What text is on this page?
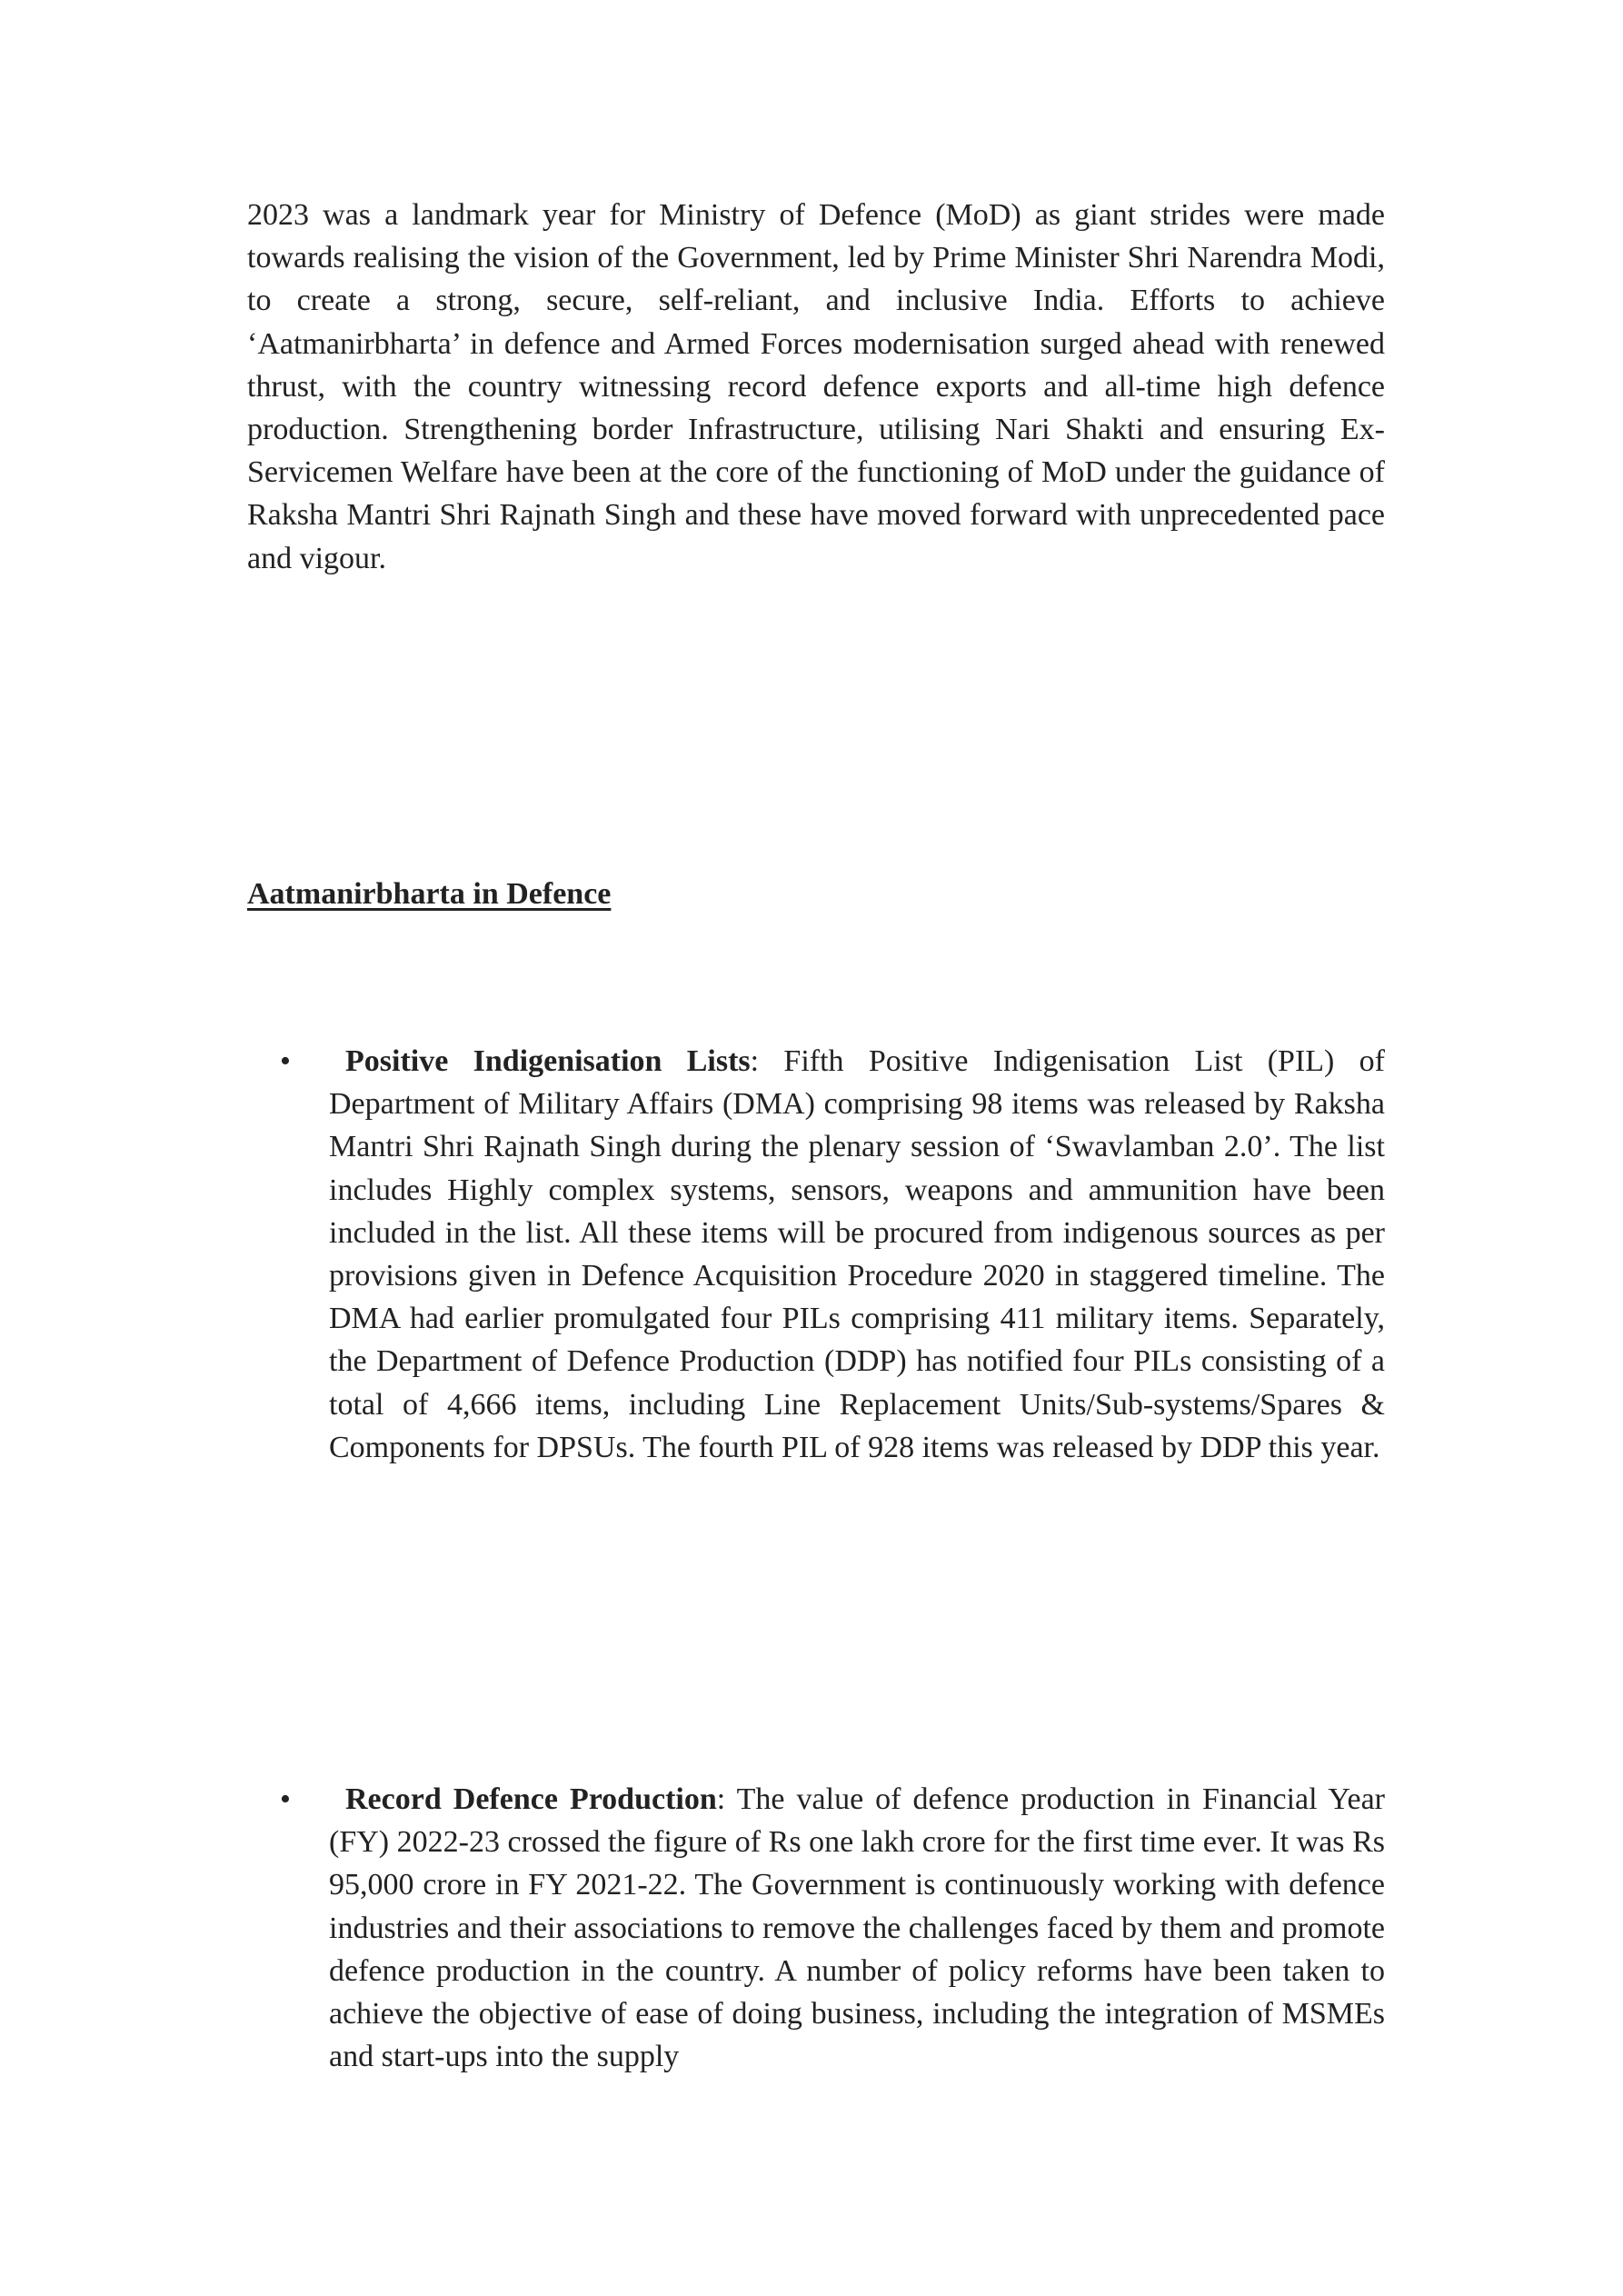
2023 was a landmark year for Ministry of Defence (MoD) as giant strides were made towards realising the vision of the Government, led by Prime Minister Shri Narendra Modi, to create a strong, secure, self-reliant, and inclusive India. Efforts to achieve ‘Aatmanirbharta’ in defence and Armed Forces modernisation surged ahead with renewed thrust, with the country witnessing record defence exports and all-time high defence production. Strengthening border Infrastructure, utilising Nari Shakti and ensuring Ex-Servicemen Welfare have been at the core of the functioning of MoD under the guidance of Raksha Mantri Shri Rajnath Singh and these have moved forward with unprecedented pace and vigour.

Aatmanirbharta in Defence
•	Positive Indigenisation Lists: Fifth Positive Indigenisation List (PIL) of Department of Military Affairs (DMA) comprising 98 items was released by Raksha Mantri Shri Rajnath Singh during the plenary session of ‘Swavlamban 2.0’. The list includes Highly complex systems, sensors, weapons and ammunition have been included in the list. All these items will be procured from indigenous sources as per provisions given in Defence Acquisition Procedure 2020 in staggered timeline. The DMA had earlier promulgated four PILs comprising 411 military items. Separately, the Department of Defence Production (DDP) has notified four PILs consisting of a total of 4,666 items, including Line Replacement Units/Sub-systems/Spares & Components for DPSUs. The fourth PIL of 928 items was released by DDP this year.

•	Record Defence Production: The value of defence production in Financial Year (FY) 2022-23 crossed the figure of Rs one lakh crore for the first time ever. It was Rs 95,000 crore in FY 2021-22. The Government is continuously working with defence industries and their associations to remove the challenges faced by them and promote defence production in the country. A number of policy reforms have been taken to achieve the objective of ease of doing business, including the integration of MSMEs and start-ups into the supply
